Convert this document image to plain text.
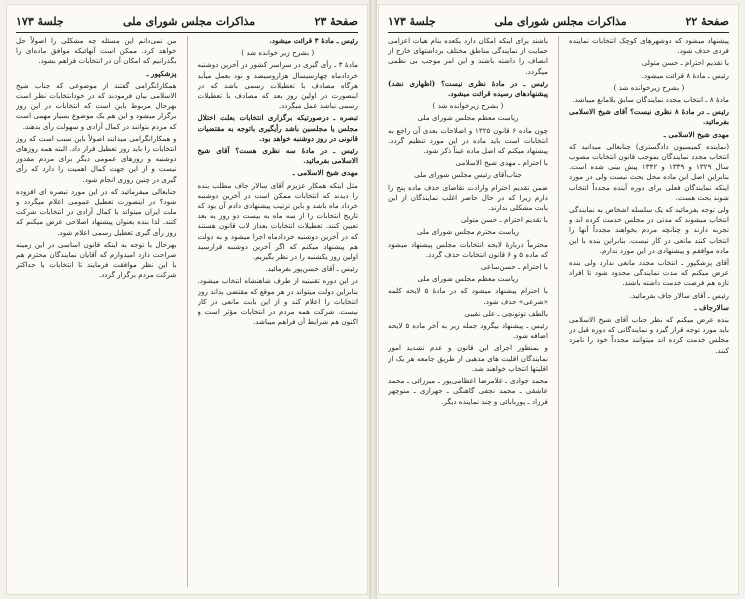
صفحهٔ ۲۳
مذاکرات مجلس شورای ملی
جلسهٔ ۱۷۳

رئیس ـ مادهٔ ۳ قرائت میشود.

( بشرح زیر خوانده شد )

مادهٔ ۳ ـ رأی گیری در سراسر کشور در آخرین دوشنبه خردادماه چهارسیسال هزاروسیصد و نود بعمل میآید هرگاه مصادف با تعطیلات رسمی باشد که در اینصورت در اولین روز بعد که مصادف با تعطیلات رسمی نباشد عمل میگردد.

تبصره ـ درصورتیکه برگزاری انتخابات بعلت اختلال مجلس یا مجلسین باشد رأیگیری باتوجه به مقتضیات قانونی در روز دوشنبه خواهد بود.

رئیس ـ در مادهٔ سه نظری هست؟ آقای شیخ الاسلامی بفرمائید.

مهدی شیخ الاسلامی ـ

مثل اینکه همکار عزیزم آقای سالار جاف مطلب بنده را دیدند که انتخابات ممکن است در آخرین دوشنبه خرداد ماه باشد و باین ترتیب پیشنهادی دادم آن بود که تاریخ انتخابات را از سه ماه به بیست دو روز به بعد تعیین کنند. تعطیلات انتخابات بعداز لاب قانون هستند که در آخرین دوشنبه خردادماه اجرا میشود و به دولت هم پیشنهاد میکنم که اگر آخرین دوشنبه فرارسید اولین روز یکشنبه را در نظر بگیریم.

رئیس ـ آقای حسن‌پور بفرمائید.

در این دوره تقنینیه از طرف شاهنشاه انتخاب میشود. بنابراین دولت میتواند در هر موقع که مقتضی بداند روز انتخابات را اعلام کند و از این بابت مانعی در کار نیست. شرکت همه مردم در انتخابات مؤثر است و اکنون هم شرایط آن فراهم میباشد.

من نمی‌دانم این مسئله چه مشکلی را اصولاً حل خواهد کرد. ممکن است آنهائیکه موافق ماده‌ای را بگذرانیم که امکان آن در انتخابات فراهم بشود.

پزشکپور ـ

همکارانگرامی گفتند از موضوعی که جناب شیخ الاسلامی بیان فرمودند که در خودانتخابات نظر است بهرحال مربوط باین است که انتخابات در این روز برگزار میشود و این هم یک موضوع بسیار مهمی است که مردم بتوانند در کمال آزادی و سهولت رأی بدهند.

و همکارانگرامی میدانند اصولاً باین سبب است که روز انتخابات را باید روز تعطیل قرار داد. البته همه روزهای دوشنبه و روزهای عمومی دیگر برای مردم مقدور نیست و از این جهت کمال اهمیت را دارد که رأی گیری در چنین روزی انجام شود.

جنابعالی میفرمائید که در این مورد تبصره ای افزوده شود؟ در اینصورت تعطیل عمومی اعلام میگردد و ملت ایران میتواند با کمال آزادی در انتخابات شرکت کنند. لذا بنده بعنوان پیشنهاد اصلاحی عرض میکنم که روز رأی گیری تعطیل رسمی اعلام شود.

بهرحال با توجه به اینکه قانون اساسی در این زمینه صراحت دارد امیدوارم که آقایان نمایندگان محترم هم با این نظر موافقت فرمایند تا انتخابات با حداکثر شرکت مردم برگزار گردد.

صفحهٔ ۲۲
مذاکرات مجلس شورای ملی
جلسهٔ ۱۷۳

پیشنهاد میشود که دوشهرهای کوچک انتخابات نماینده فردی حذف شود.

با تقدیم احترام ـ حسن متولی

رئیس ـ مادهٔ ۸ قرائت میشود.

( بشرح زیرخوانده شد )

مادهٔ ۸ ـ انتخاب مجدد نمایندگان سابق بلامانع میباشد.

رئیس ـ در مادهٔ ۸ نظری نیست؟ آقای شیخ الاسلامی بفرمائید.

مهدی شیخ الاسلامی ـ

(نماینده کمیسیون دادگستری) جنابعالی میدانید که انتخاب مجدد نمایندگان بموجب قانون انتخابات مصوب سال ۱۳۲۹ و ۱۳۳۹ و ۱۳۴۲ پیش بینی شده است. بنابراین اصل این ماده محل بحث نیست ولی در مورد اینکه نمایندگان فعلی برای دوره آینده مجدداً انتخاب شوند بحث هست.

ولی توجه بفرمائید که یک سلسله اشخاص به نمایندگی انتخاب میشوند که مدتی در مجلس خدمت کرده اند و تجربه دارند و چنانچه مردم بخواهند مجدداً آنها را انتخاب کنند مانعی در کار نیست. بنابراین بنده با این ماده موافقم و پیشنهادی در این مورد ندارم.

آقای پزشکپور ـ انتخاب مجدد مانعی ندارد ولی بنده عرض میکنم که مدت نمایندگی محدود شود تا افراد تازه هم فرصت خدمت داشته باشند.

رئیس ـ آقای سالار جاف بفرمائید.

سالارجاف ـ

بنده عرض میکنم که نظر جناب آقای شیخ الاسلامی باید مورد توجه قرار گیرد و نمایندگانی که دوره قبل در مجلس خدمت کرده اند میتوانند مجدداً خود را نامزد کنند.

باشند برای اینکه امکان دارد یکعده بنام هیات اعزامی حمایت از نمایندگی مناطق مختلف برداشتهای خارج از انصاف را داشته باشند و این امر موجب بی نظمی میگردد.

رئیس ـ در مادهٔ نظری نیست؟ (اظهاری نشد) پیشنهادهای رسیده قرائت میشود.

( بشرح زیرخوانده شد )

ریاست معظم مجلس شورای ملی

چون ماده ۶ قانون ۱۳۲۵ و اصلاحات بعدی آن راجع به انتخابات است باید ماده در این مورد تنظیم گردد. پیشنهاد میکنم که اصل ماده عیناً ذکر شود.

با احترام ـ مهدی شیخ الاسلامی

جناب‌آقای رئیس مجلس شورای ملی

ضمن تقدیم احترام وارادت تقاضای حذف ماده پنج را دارم زیرا که در حال حاضر اغلب نمایندگان از این بابت مشکلی ندارند.

با تقدیم احترام ـ حسن متولی

ریاست محترم مجلس شورای ملی

محترماً دربارهٔ لایحه انتخابات مجلس پیشنهاد میشود که ماده ۵ و ۶ قانون انتخابات حذف گردد.

با احترام ـ حسن‌ساعی

ریاست معظم مجلس شورای ملی

با احترام پیشنهاد میشود که در مادهٔ ۵ لایحه کلمه «شرعی» حذف شود.

بالطف توتونچی ـ علی نقیبی

رئیس ـ پیشنهاد بیگرود جمله زیر به آخر ماده ۵ لایحه اضافه شود.

و بمنظور اجرای این قانون و عدم تشدید امور نمایندگان اقلیت های مذهبی از طریق جامعه هر یک از اقلیتها انتخاب خواهند شد.

محمد جوادی ـ غلامرضا اعظامی‌پور ـ میرزائی ـ محمد عاشقی ـ محمد نجفی گاهنگی ـ جهرازی ـ منوچهر فرزاد ـ پوربابائی و چند نماینده دیگر.
